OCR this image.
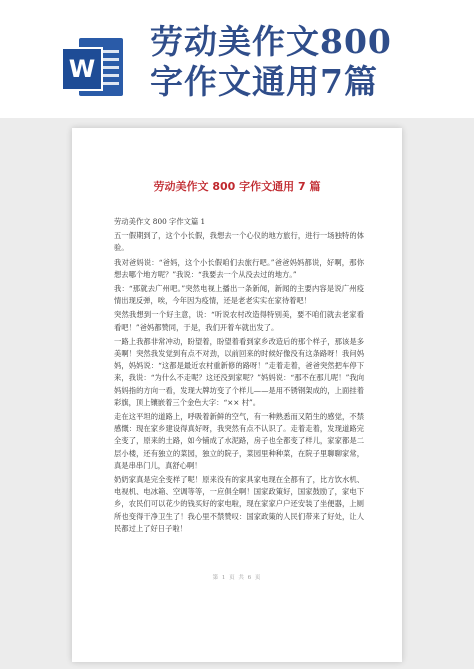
W
劳动美作文800
字作文通用7篇
劳动美作文 800 字作文通用 7 篇

劳动美作文 800 字作文篇 1

五一假期到了，这个小长假，我想去一个心仪的地方旅行，进行一场独特的体验。

我对爸妈说：“爸妈，这个小长假咱们去旅行吧。”爸爸妈妈都说，好啊，那你想去哪个地方呢？”我说：“我要去一个从没去过的地方。”

我：“那就去广州吧。”突然电视上播出一条新闻，新闻的主要内容是说广州疫情出现反弹，唉，今年因为疫情，还是老老实实在家待着吧！

突然我想到一个好主意，说：“听说农村改造得特别美，要不咱们就去老家看看吧！”爸妈都赞同，于是，我们开着车就出发了。

一路上我都非常冲动，盼望着，盼望着看到家乡改造后的那个样子，那该是多美啊！突然我发觉到有点不对劲，以前回来的时候好像没有这条路呀！我问妈妈，妈妈说：“这都是最近农村重新修的路呀！”走着走着，爸爸突然把车停下来，我说：“为什么不走呢？这还没到家呢？”妈妈说：“那不在那儿呢！”我向妈妈指的方向一看，发现大牌坊变了个样儿——是用不锈钢架成的，上面挂着彩旗，顶上镶嵌着三个金色大字：“×× 村”。

走在这平坦的道路上，呼吸着新鲜的空气，有一种熟悉而又陌生的感觉，不禁感慨：现在家乡建设得真好呀，我突然有点不认识了。走着走着，发现道路完全变了，原来的土路，如今铺成了水泥路，房子也全都变了样儿，家家都是二层小楼，还有独立的菜园，独立的院子，菜园里种种菜，在院子里聊聊家常，真是串串门儿，真舒心啊！

奶奶家真是完全变样了呢！原来没有的家具家电现在全都有了，比方饮水机、电视机、电冰箱、空调等等，一应俱全啊！国家政策好，国家鼓励了，家电下乡，农民们可以花少的钱买好的家电啦，现在家家户户还安装了坐便器，上厕所也变得干净卫生了！我心里不禁赞叹：国家政策的人民们带来了好处，让人民都过上了好日子啦！

第 1 页 共 6 页
